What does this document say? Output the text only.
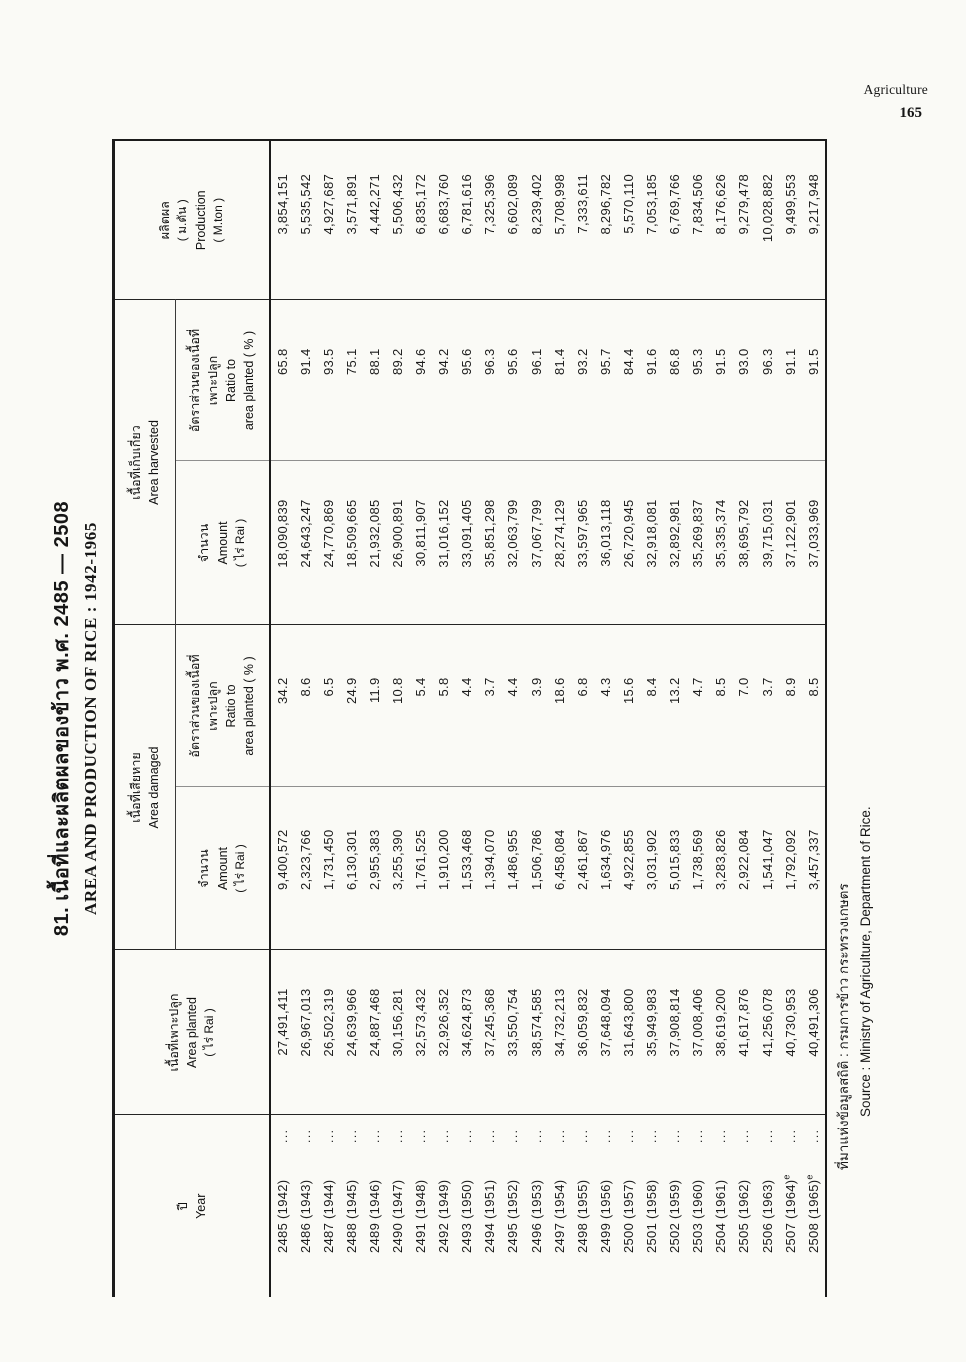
Agriculture
165
81. เนื้อที่และผลิตผลของข้าว พ.ศ. 2485 — 2508 AREA AND PRODUCTION OF RICE : 1942-1965
ปี Year

เนื้อที่เพาะปลูก Area planted ( ไร่ Rai )

เนื้อที่เสียหาย Area damaged

เนื้อที่เก็บเกี่ยว Area harvested

ผลิตผล ( ม.ตัน ) Production ( M.ton )

จำนวน Amount ( ไร่ Rai )

อัตราส่วนของเนื้อที่ เพาะปลูก Ratio to area planted ( % )

จำนวน Amount ( ไร่ Rai )

อัตราส่วนของเนื้อที่ เพาะปลูก Ratio to area planted ( % )

2485 (1942)
...	27,491,411	9,400,572	34.2	18,090,839	65.8	3,854,151

2486 (1943)
...	26,967,013	2,323,766	8.6	24,643,247	91.4	5,535,542

2487 (1944)
...	26,502,319	1,731,450	6.5	24,770,869	93.5	4,927,687

2488 (1945)
...	24,639,966	6,130,301	24.9	18,509,665	75.1	3,571,891

2489 (1946)
...	24,887,468	2,955,383	11.9	21,932,085	88.1	4,442,271

2490 (1947)
...	30,156,281	3,255,390	10.8	26,900,891	89.2	5,506,432

2491 (1948)
...	32,573,432	1,761,525	5.4	30,811,907	94.6	6,835,172

2492 (1949)
...	32,926,352	1,910,200	5.8	31,016,152	94.2	6,683,760

2493 (1950)
...	34,624,873	1,533,468	4.4	33,091,405	95.6	6,781,616

2494 (1951)
...	37,245,368	1,394,070	3.7	35,851,298	96.3	7,325,396

2495 (1952)
...	33,550,754	1,486,955	4.4	32,063,799	95.6	6,602,089

2496 (1953)
...	38,574,585	1,506,786	3.9	37,067,799	96.1	8,239,402

2497 (1954)
...	34,732,213	6,458,084	18.6	28,274,129	81.4	5,708,998

2498 (1955)
...	36,059,832	2,461,867	6.8	33,597,965	93.2	7,333,611

2499 (1956)
...	37,648,094	1,634,976	4.3	36,013,118	95.7	8,296,782

2500 (1957)
...	31,643,800	4,922,855	15.6	26,720,945	84.4	5,570,110

2501 (1958)
...	35,949,983	3,031,902	8.4	32,918,081	91.6	7,053,185

2502 (1959)
...	37,908,814	5,015,833	13.2	32,892,981	86.8	6,769,766

2503 (1960)
...	37,008,406	1,738,569	4.7	35,269,837	95.3	7,834,506

2504 (1961)
...	38,619,200	3,283,826	8.5	35,335,374	91.5	8,176,626

2505 (1962)
...	41,617,876	2,922,084	7.0	38,695,792	93.0	9,279,478

2506 (1963)
...	41,256,078	1,541,047	3.7	39,715,031	96.3	10,028,882

2507 $(1964)^e$
...	40,730,953	1,792,092	8.9	37,122,901	91.1	9,499,553

2508 $(1965)^e$
...	40,491,306	3,457,337	8.5	37,033,969	91.5	9,217,948
ที่มาแห่งข้อมูลสถิติ : กรมการข้าว กระทรวงเกษตร Source : Ministry of Agriculture, Department of Rice.
